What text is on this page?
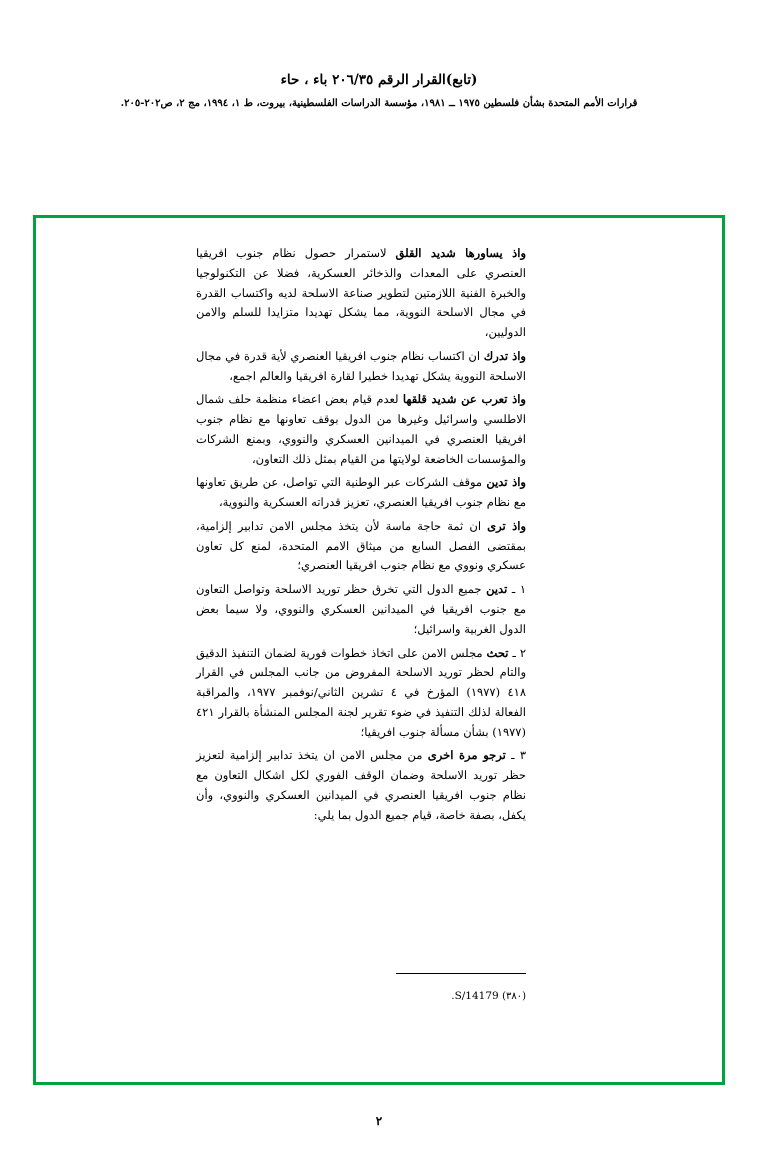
(تابع)القرار الرقم ٢٠٦/٣٥ باء ، حاء
قرارات الأمم المتحدة بشأن فلسطين ١٩٧٥ ــ ١٩٨١، مؤسسة الدراسات الفلسطينية، بيروت، ط ١، ١٩٩٤، مج ٢، ص٢٠٢-٢٠٥.

واذ يساورها شديد القلق لاستمرار حصول نظام جنوب افريقيا العنصري على المعدات والذخائر العسكرية، فضلا عن التكنولوجيا والخبرة الفنية اللازمتين لتطوير صناعة الاسلحة لديه واكتساب القدرة في مجال الاسلحة النووية، مما يشكل تهديدا متزايدا للسلم والامن الدوليين،

واذ تدرك ان اكتساب نظام جنوب افريقيا العنصري لأية قدرة في مجال الاسلحة النووية يشكل تهديدا خطيرا لقارة افريقيا والعالم اجمع،

واذ تعرب عن شديد قلقها لعدم قيام بعض اعضاء منظمة حلف شمال الاطلسي واسرائيل وغيرها من الدول بوقف تعاونها مع نظام جنوب افريقيا العنصري في الميدانين العسكري والنووي، وبمنع الشركات والمؤسسات الخاضعة لولايتها من القيام بمثل ذلك التعاون،

واذ تدين موقف الشركات عبر الوطنية التي تواصل، عن طريق تعاونها مع نظام جنوب افريقيا العنصري، تعزيز قدراته العسكرية والنووية،

واذ ترى ان ثمة حاجة ماسة لأن يتخذ مجلس الامن تدابير إلزامية، بمقتضى الفصل السابع من ميثاق الامم المتحدة، لمنع كل تعاون عسكري ونووي مع نظام جنوب افريقيا العنصري؛

١ ـ تدين جميع الدول التي تخرق حظر توريد الاسلحة وتواصل التعاون مع جنوب افريقيا في الميدانين العسكري والنووي، ولا سيما بعض الدول الغربية واسرائيل؛

٢ ـ تحث مجلس الامن على اتخاذ خطوات فورية لضمان التنفيذ الدقيق والتام لحظر توريد الاسلحة المفروض من جانب المجلس في القرار ٤١٨ (١٩٧٧) المؤرخ في ٤ تشرين الثاني/نوفمبر ١٩٧٧، والمراقبة الفعالة لذلك التنفيذ في ضوء تقرير لجنة المجلس المنشأة بالقرار ٤٢١ (١٩٧٧) بشأن مسألة جنوب افريقيا؛

٣ ـ ترجو مرة اخرى من مجلس الامن ان يتخذ تدابير إلزامية لتعزيز حظر توريد الاسلحة وضمان الوقف الفوري لكل اشكال التعاون مع نظام جنوب افريقيا العنصري في الميدانين العسكري والنووي، وأن يكفل، بصفة خاصة، قيام جميع الدول بما يلي:

(٣٨٠) S/14179.
٢
